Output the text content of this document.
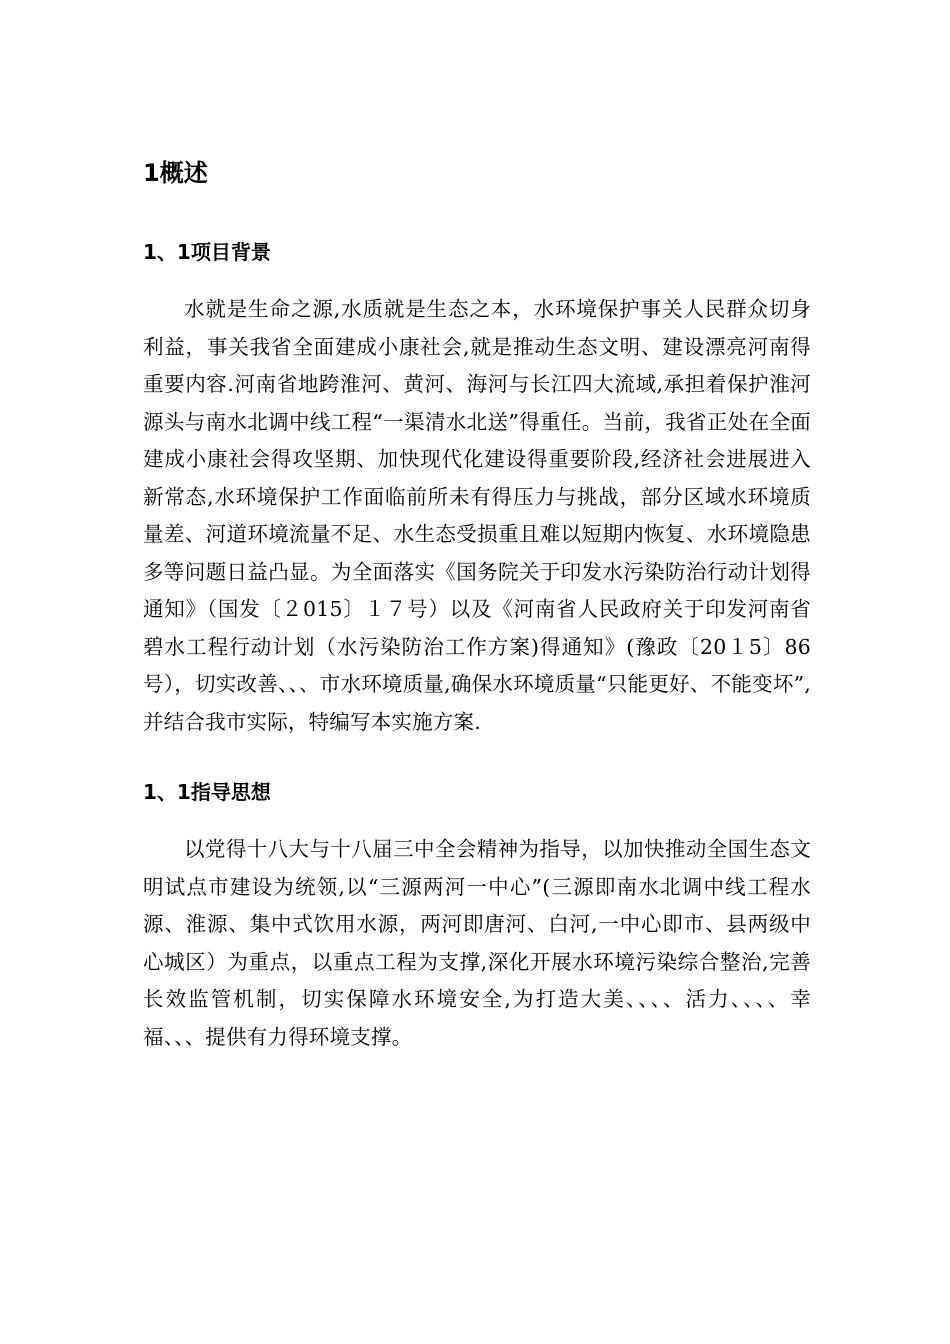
1概述
1、1项目背景

水就是生命之源,水质就是生态之本，水环境保护事关人民群众切身利益，事关我省全面建成小康社会,就是推动生态文明、建设漂亮河南得重要内容.河南省地跨淮河、黄河、海河与长江四大流域,承担着保护淮河源头与南水北调中线工程“一渠清水北送”得重任。当前，我省正处在全面建成小康社会得攻坚期、加快现代化建设得重要阶段,经济社会进展进入新常态,水环境保护工作面临前所未有得压力与挑战，部分区域水环境质量差、河道环境流量不足、水生态受损重且难以短期内恢复、水环境隐患多等问题日益凸显。为全面落实《国务院关于印发水污染防治行动计划得通知》（国发〔２015〕１７号）以及《河南省人民政府关于印发河南省碧水工程行动计划（水污染防治工作方案)得通知》(豫政〔20１5〕86号），切实改善、、、市水环境质量,确保水环境质量“只能更好、不能变坏”,并结合我市实际，特编写本实施方案.

1、1指导思想

以党得十八大与十八届三中全会精神为指导，以加快推动全国生态文明试点市建设为统领,以“三源两河一中心”(三源即南水北调中线工程水源、淮源、集中式饮用水源，两河即唐河、白河,一中心即市、县两级中心城区）为重点，以重点工程为支撑,深化开展水环境污染综合整治,完善长效监管机制，切实保障水环境安全,为打造大美、、、、活力、、、、幸福、、、提供有力得环境支撑。
